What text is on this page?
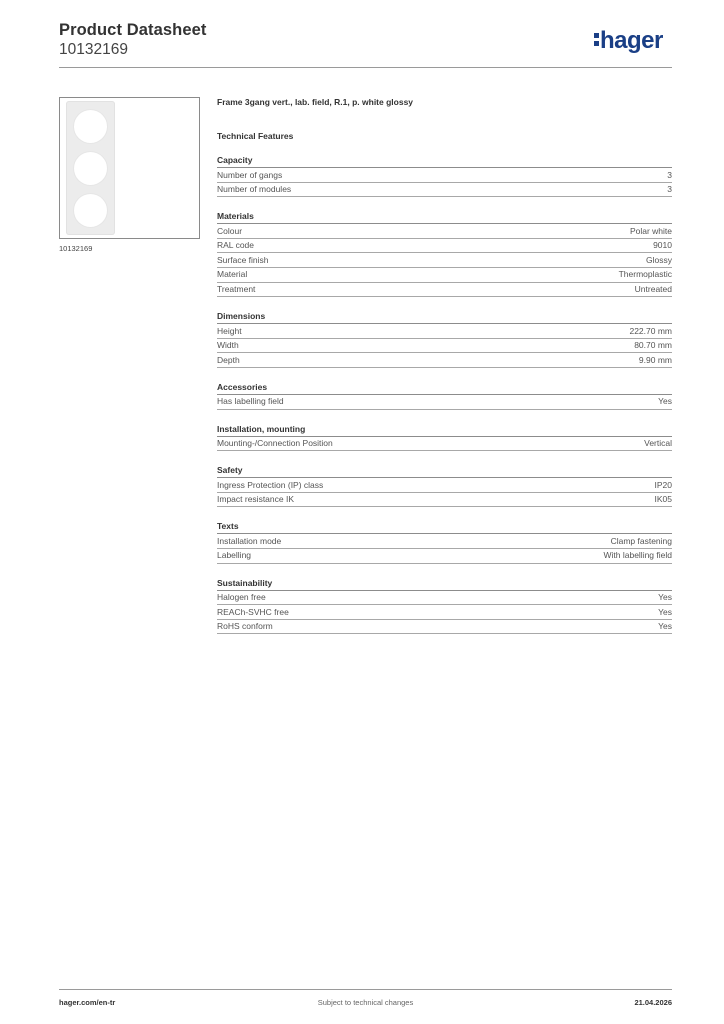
Product Datasheet
10132169	hager
10132169
Frame 3gang vert., lab. field, R.1, p. white glossy
Technical Features
Capacity
Number of gangs	3
Number of modules	3
Materials
Colour	Polar white
RAL code	9010
Surface finish	Glossy
Material	Thermoplastic
Treatment	Untreated
Dimensions
Height	222.70 mm
Width	80.70 mm
Depth	9.90 mm
Accessories
Has labelling field	Yes
Installation, mounting
Mounting-/Connection Position	Vertical
Safety
Ingress Protection (IP) class	IP20
Impact resistance IK	IK05
Texts
Installation mode	Clamp fastening
Labelling	With labelling field
Sustainability
Halogen free	Yes
REACh-SVHC free	Yes
RoHS conform	Yes
hager.com/en-tr	Subject to technical changes	21.04.2026
